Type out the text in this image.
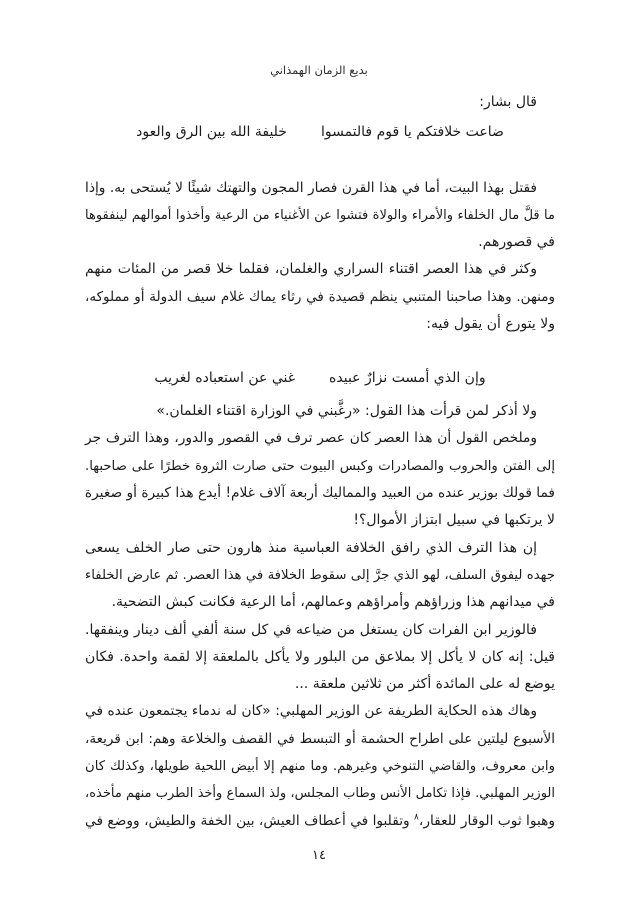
بديع الزمان الهمذاني
قال بشار:
ضاعت خلافتكم يا قوم فالتمسوا
خليفة الله بين الرق والعود
فقتل بهذا البيت، أما في هذا القرن فصار المجون والتهتك شيئًا لا يُستحى به. وإذا
ما قلَّ مال الخلفاء والأمراء والولاة فتشوا عن الأغنياء من الرعية وأخذوا أموالهم لينفقوها
في قصورهم.
وكثر في هذا العصر اقتناء السراري والغلمان، فقلما خلا قصر من المئات منهم
ومنهن. وهذا صاحبنا المتنبي ينظم قصيدة في رثاء يماك غلام سيف الدولة أو مملوكه،
ولا يتورع أن يقول فيه:
وإن الذي أمست نزارٌ عبيده
غني عن استعباده لغريب
ولا أذكر لمن قرأت هذا القول: «رغَّبني في الوزارة اقتناء الغلمان.»
وملخص القول أن هذا العصر كان عصر ترف في القصور والدور، وهذا الترف جر
إلى الفتن والحروب والمصادرات وكبس البيوت حتى صارت الثروة خطرًا على صاحبها.
فما قولك بوزير عنده من العبيد والمماليك أربعة آلاف غلام! أيدع هذا كبيرة أو صغيرة
لا يرتكبها في سبيل ابتزاز الأموال؟!
إن هذا الترف الذي رافق الخلافة العباسية منذ هارون حتى صار الخلف يسعى
جهده ليفوق السلف، لهو الذي جرَّ إلى سقوط الخلافة في هذا العصر. ثم عارض الخلفاء
في ميدانهم هذا وزراؤهم وأمراؤهم وعمالهم، أما الرعية فكانت كبش التضحية.
فالوزير ابن الفرات كان يستغل من ضياعه في كل سنة ألفي ألف دينار وينفقها.
قيل: إنه كان لا يأكل إلا بملاعق من البلور ولا يأكل بالملعقة إلا لقمة واحدة. فكان
يوضع له على المائدة أكثر من ثلاثين ملعقة ...
وهاك هذه الحكاية الطريفة عن الوزير المهلبي: «كان له ندماء يجتمعون عنده في
الأسبوع ليلتين على اطراح الحشمة أو التبسط في القصف والخلاعة وهم: ابن قريعة،
وابن معروف، والقاضي التنوخي وغيرهم. وما منهم إلا أبيض اللحية طويلها، وكذلك كان
الوزير المهلبي. فإذا تكامل الأنس وطاب المجلس، ولذ السماع وأخذ الطرب منهم مأخذه،
وهبوا ثوب الوقار للعقار،$^٨$ وتقلبوا في أعطاف العيش، بين الخفة والطيش، ووضع في
١٤
